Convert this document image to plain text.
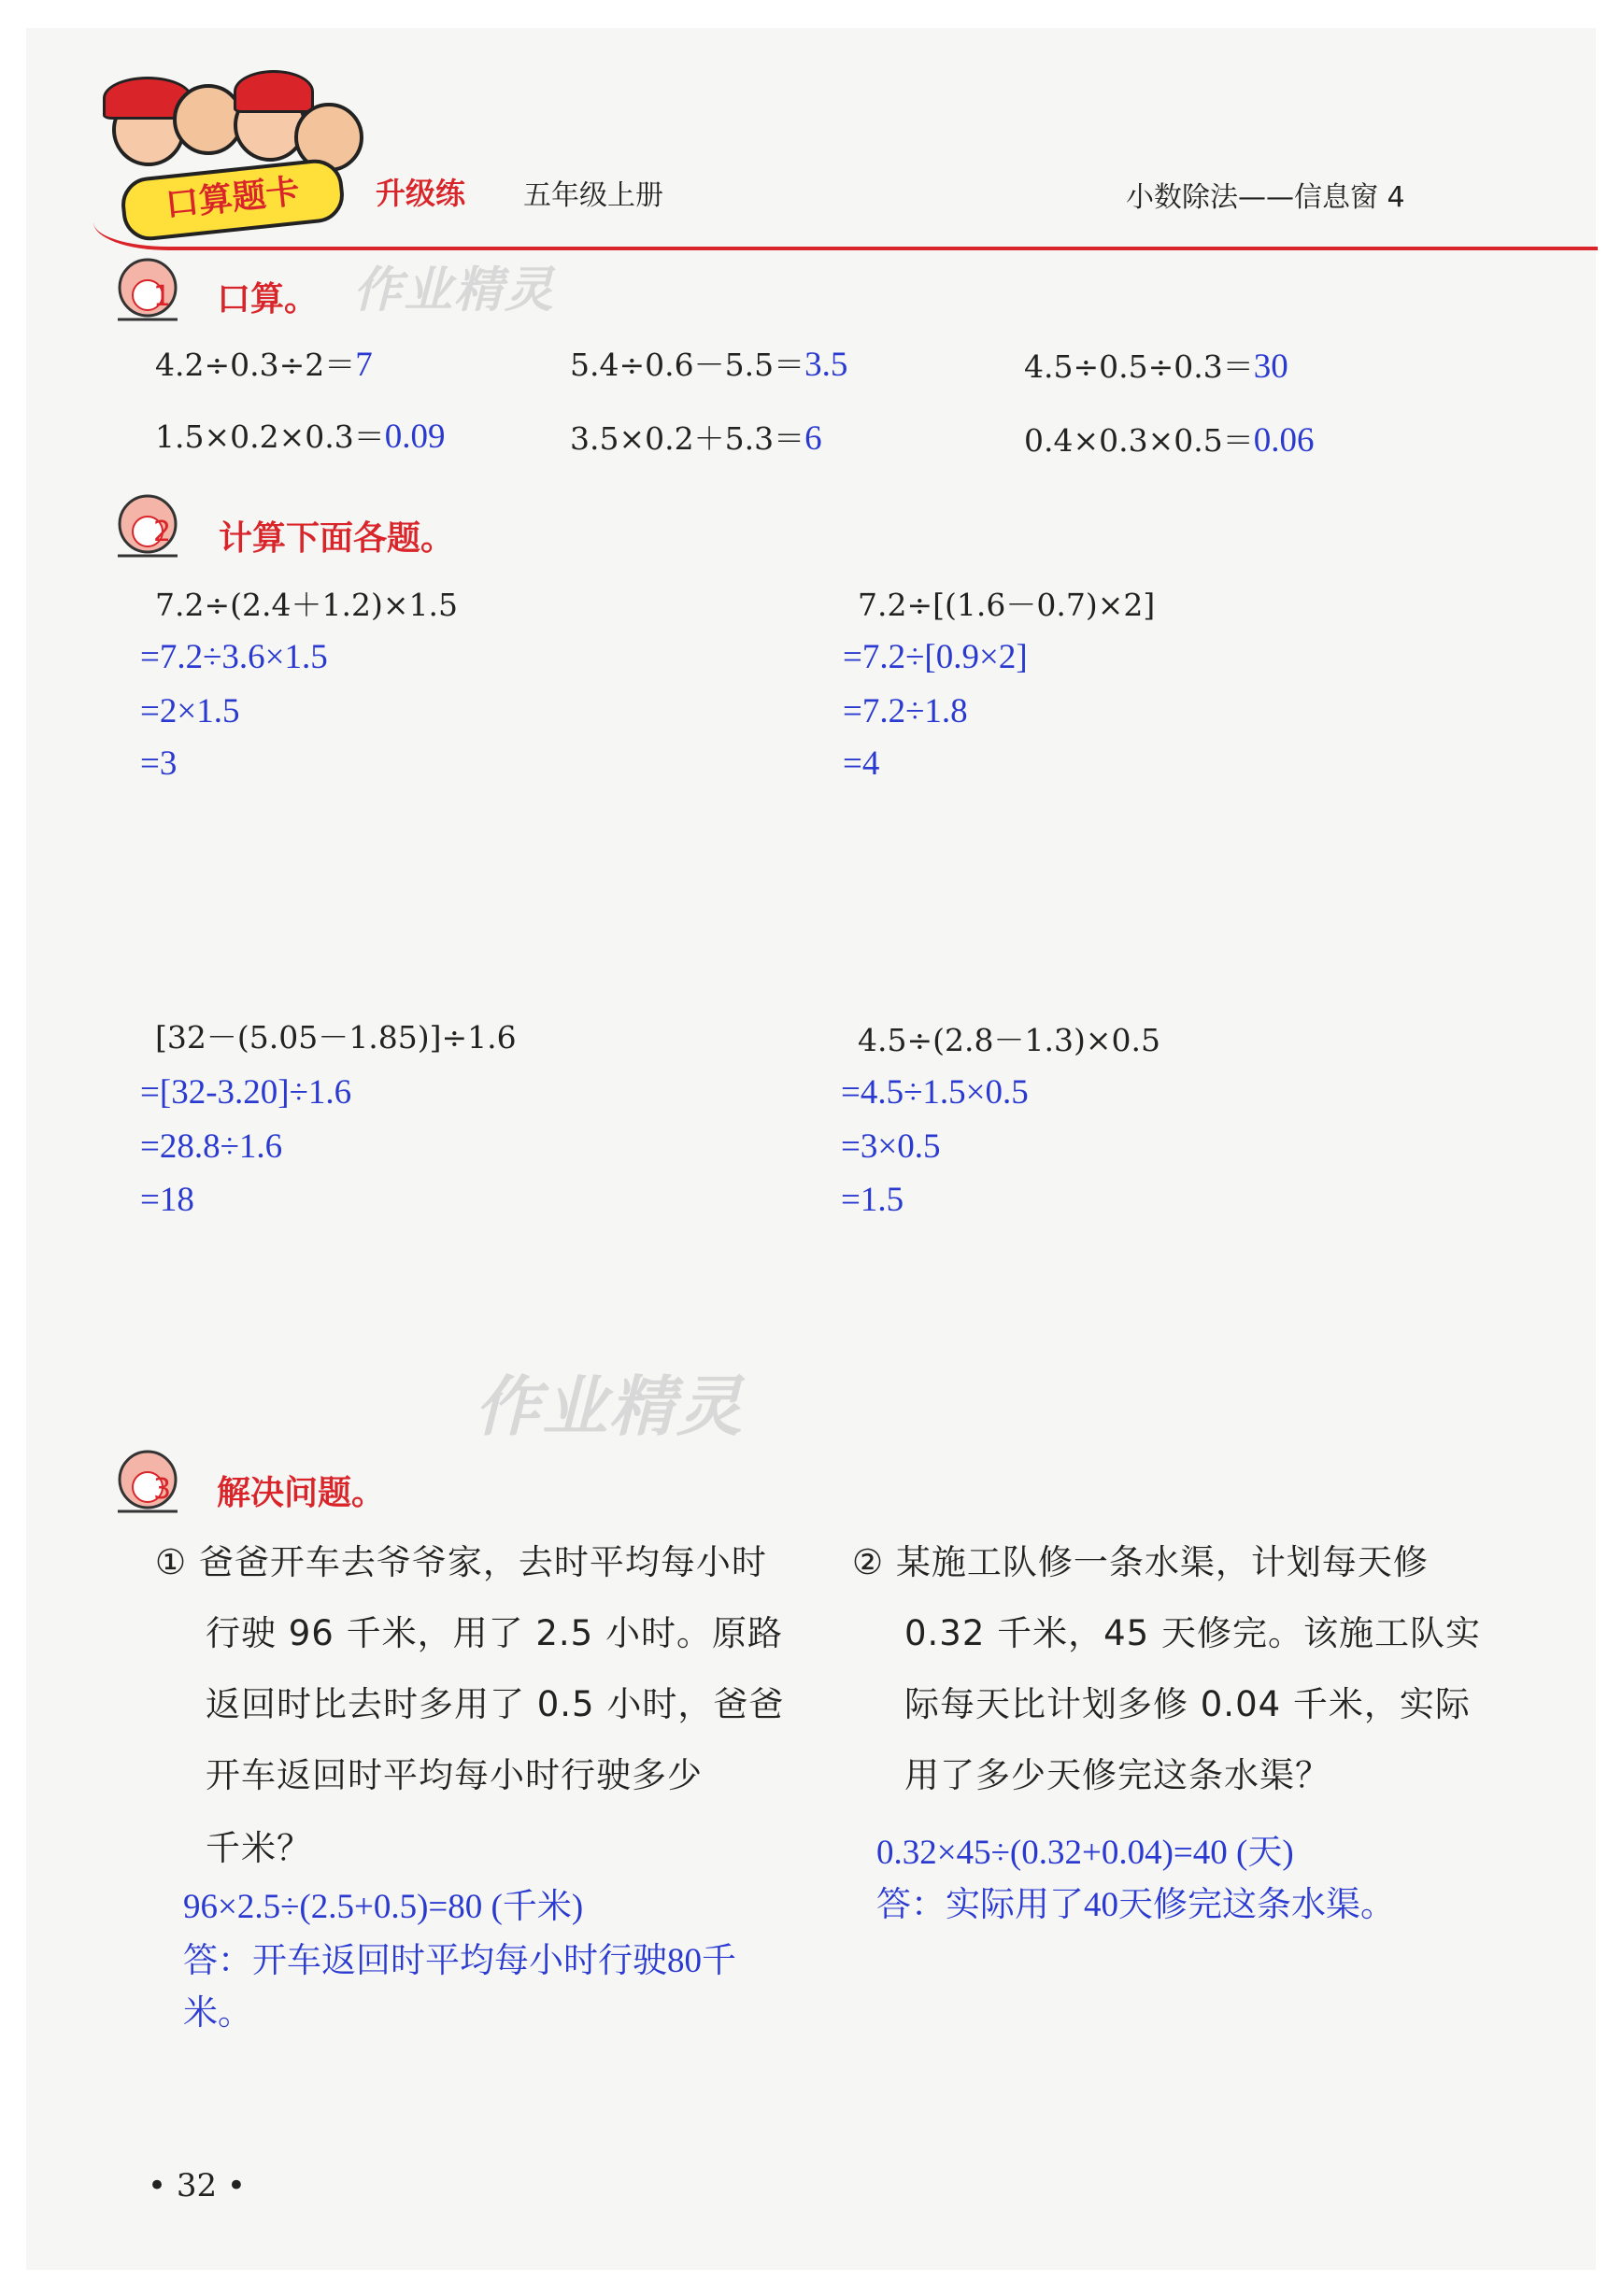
口算题卡	升级练 五年级上册	小数除法——信息窗 4
1 口算。 作业精灵
4.2÷0.3÷2＝7	5.4÷0.6－5.5＝3.5	4.5÷0.5÷0.3＝30
1.5×0.2×0.3＝0.09	3.5×0.2＋5.3＝6	0.4×0.3×0.5＝0.06
2 计算下面各题。
7.2÷(2.4＋1.2)×1.5
=7.2÷3.6×1.5
=2×1.5
=3
7.2÷[(1.6－0.7)×2]
=7.2÷[0.9×2]
=7.2÷1.8
=4
[32－(5.05－1.85)]÷1.6
=[32-3.20]÷1.6
=28.8÷1.6
=18
4.5÷(2.8－1.3)×0.5
=4.5÷1.5×0.5
=3×0.5
=1.5
作业精灵
3 解决问题。
① 爸爸开车去爷爷家，去时平均每小时
行驶 96 千米，用了 2.5 小时。原路
返回时比去时多用了 0.5 小时，爸爸
开车返回时平均每小时行驶多少
千米？
96×2.5÷(2.5+0.5)=80 (千米)
答：开车返回时平均每小时行驶80千
米。
② 某施工队修一条水渠，计划每天修
0.32 千米，45 天修完。该施工队实
际每天比计划多修 0.04 千米，实际
用了多少天修完这条水渠？
0.32×45÷(0.32+0.04)=40 (天)
答：实际用了40天修完这条水渠。
• 32 •
